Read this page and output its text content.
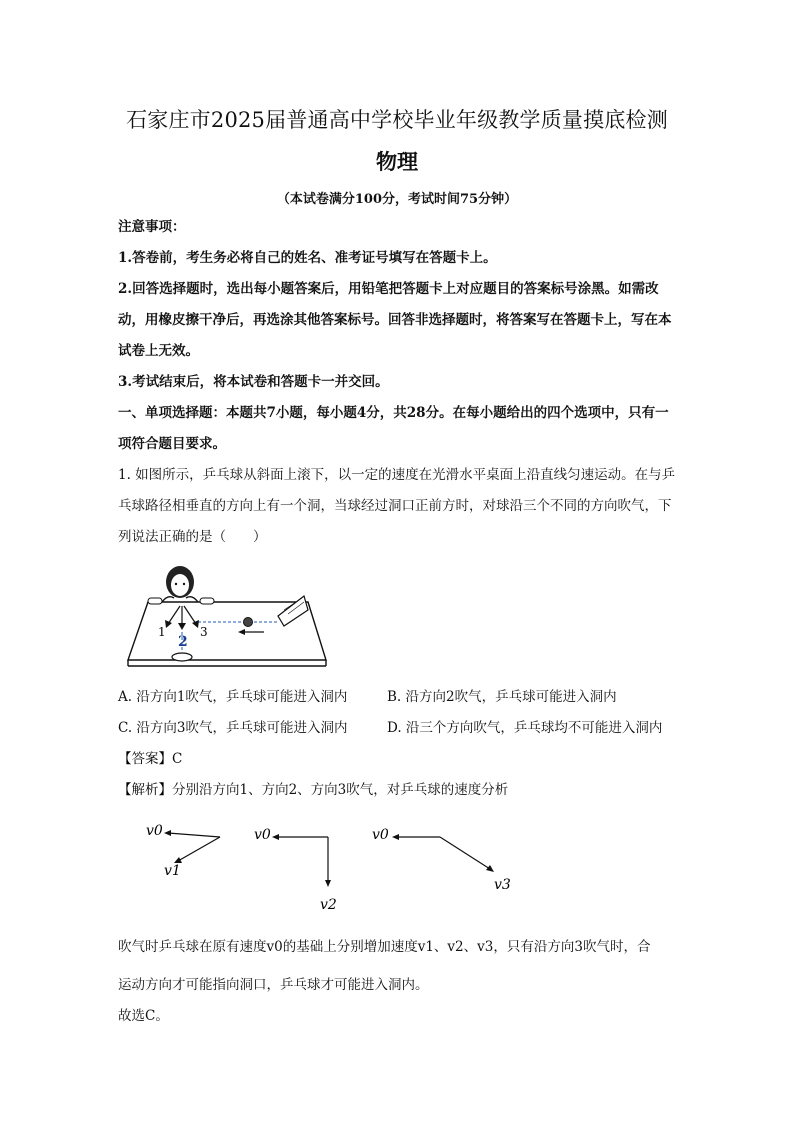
石家庄市2025届普通高中学校毕业年级教学质量摸底检测
物理
（本试卷满分100分，考试时间75分钟）
注意事项：
1.答卷前，考生务必将自己的姓名、准考证号填写在答题卡上。
2.回答选择题时，选出每小题答案后，用铅笔把答题卡上对应题目的答案标号涂黑。如需改动，用橡皮擦干净后，再选涂其他答案标号。回答非选择题时，将答案写在答题卡上，写在本试卷上无效。
3.考试结束后，将本试卷和答题卡一并交回。
一、单项选择题：本题共7小题，每小题4分，共28分。在每小题给出的四个选项中，只有一项符合题目要求。
1. 如图所示，乒乓球从斜面上滚下，以一定的速度在光滑水平桌面上沿直线匀速运动。在与乒乓球路径相垂直的方向上有一个洞，当球经过洞口正前方时，对球沿三个不同的方向吹气，下列说法正确的是（　　）
1
2
3
A. 沿方向1吹气，乒乓球可能进入洞内	B. 沿方向2吹气，乒乓球可能进入洞内
C. 沿方向3吹气，乒乓球可能进入洞内	D. 沿三个方向吹气，乒乓球均不可能进入洞内
【答案】C
【解析】分别沿方向1、方向2、方向3吹气，对乒乓球的速度分析
v0
v1
v0
v2
v0
v3
吹气时乒乓球在原有速度v0的基础上分别增加速度v1、v2、v3，只有沿方向3吹气时，合
运动方向才可能指向洞口，乒乓球才可能进入洞内。
故选C。
